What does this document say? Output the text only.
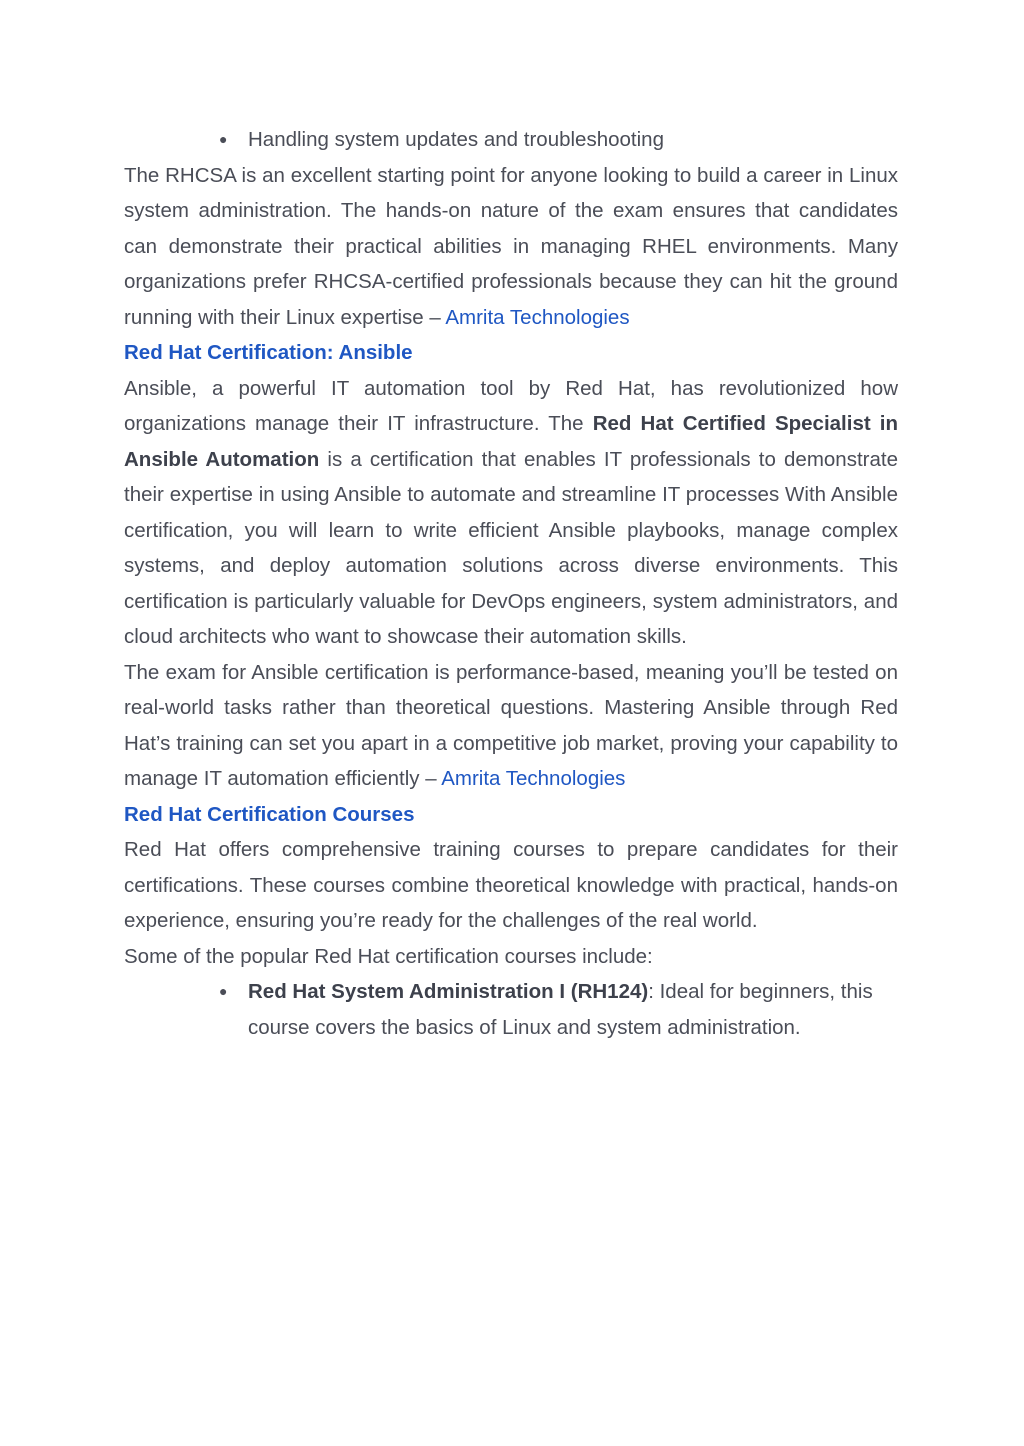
● Handling system updates and troubleshooting

The RHCSA is an excellent starting point for anyone looking to build a career in Linux system administration. The hands-on nature of the exam ensures that candidates can demonstrate their practical abilities in managing RHEL environments. Many organizations prefer RHCSA-certified professionals because they can hit the ground running with their Linux expertise – Amrita Technologies

Red Hat Certification: Ansible

Ansible, a powerful IT automation tool by Red Hat, has revolutionized how organizations manage their IT infrastructure. The Red Hat Certified Specialist in Ansible Automation is a certification that enables IT professionals to demonstrate their expertise in using Ansible to automate and streamline IT processes With Ansible certification, you will learn to write efficient Ansible playbooks, manage complex systems, and deploy automation solutions across diverse environments. This certification is particularly valuable for DevOps engineers, system administrators, and cloud architects who want to showcase their automation skills.

The exam for Ansible certification is performance-based, meaning you’ll be tested on real-world tasks rather than theoretical questions. Mastering Ansible through Red Hat’s training can set you apart in a competitive job market, proving your capability to manage IT automation efficiently – Amrita Technologies

Red Hat Certification Courses

Red Hat offers comprehensive training courses to prepare candidates for their certifications. These courses combine theoretical knowledge with practical, hands-on experience, ensuring you’re ready for the challenges of the real world.

Some of the popular Red Hat certification courses include:

● Red Hat System Administration I (RH124): Ideal for beginners, this course covers the basics of Linux and system administration.
